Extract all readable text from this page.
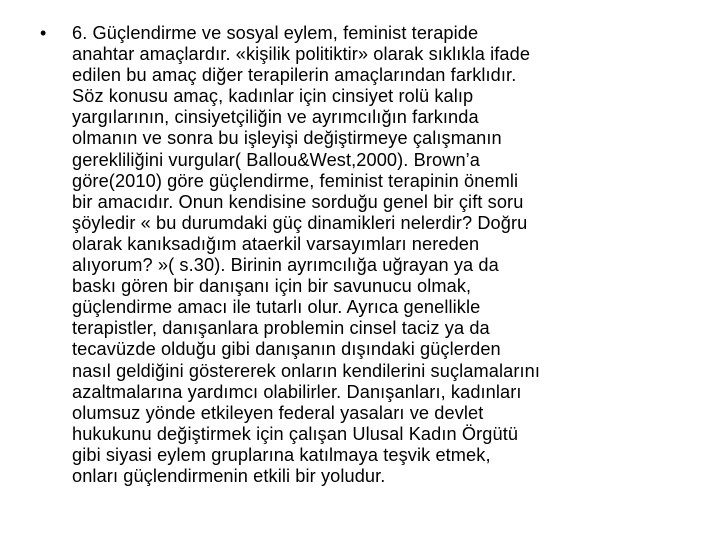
• 6. Güçlendirme ve sosyal eylem, feminist terapide
anahtar amaçlardır. «kişilik politiktir» olarak sıklıkla ifade
edilen bu amaç diğer terapilerin amaçlarından farklıdır.
Söz konusu amaç, kadınlar için cinsiyet rolü kalıp
yargılarının, cinsiyetçiliğin ve ayrımcılığın farkında
olmanın ve sonra bu işleyişi değiştirmeye çalışmanın
gerekliliğini vurgular( Ballou&West,2000). Brown’a
göre(2010) göre güçlendirme, feminist terapinin önemli
bir amacıdır. Onun kendisine sorduğu genel bir çift soru
şöyledir « bu durumdaki güç dinamikleri nelerdir? Doğru
olarak kanıksadığım ataerkil varsayımları nereden
alıyorum? »( s.30). Birinin ayrımcılığa uğrayan ya da
baskı gören bir danışanı için bir savunucu olmak,
güçlendirme amacı ile tutarlı olur. Ayrıca genellikle
terapistler, danışanlara problemin cinsel taciz ya da
tecavüzde olduğu gibi danışanın dışındaki güçlerden
nasıl geldiğini göstererek onların kendilerini suçlamalarını
azaltmalarına yardımcı olabilirler. Danışanları, kadınları
olumsuz yönde etkileyen federal yasaları ve devlet
hukukunu değiştirmek için çalışan Ulusal Kadın Örgütü
gibi siyasi eylem gruplarına katılmaya teşvik etmek,
onları güçlendirmenin etkili bir yoludur.
